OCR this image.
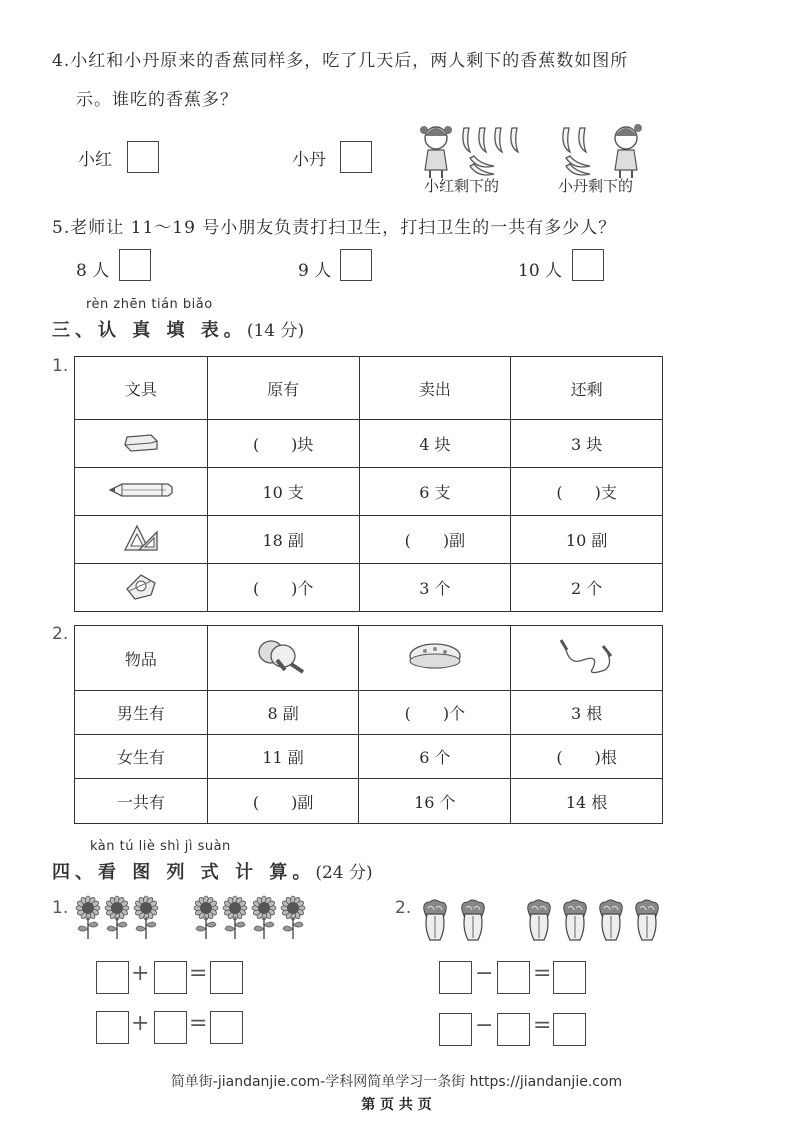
4.小红和小丹原来的香蕉同样多，吃了几天后，两人剩下的香蕉数如图所
示。谁吃的香蕉多？
小红	小丹
小红剩下的	小丹剩下的
5.老师让 11～19 号小朋友负责打扫卫生，打扫卫生的一共有多少人？
8 人	9 人	10 人
rèn zhēn tián biǎo
三、认 真 填 表。(14 分)
1.
文具	原有	卖出	还剩
	(　　)块	4 块	3 块
	10 支	6 支	(　　)支
	18 副	(　　)副	10 副
	(　　)个	3 个	2 个
2.
物品			
男生有	8 副	(　　)个	3 根
女生有	11 副	6 个	(　　)根
一共有	(　　)副	16 个	14 根
kàn tú liè shì jì suàn
四、看 图 列 式 计 算。(24 分)
1.	2.
+ =
+ =
− =
− =
简单街-jiandanjie.com-学科网简单学习一条街 https://jiandanjie.com
第 页 共 页
